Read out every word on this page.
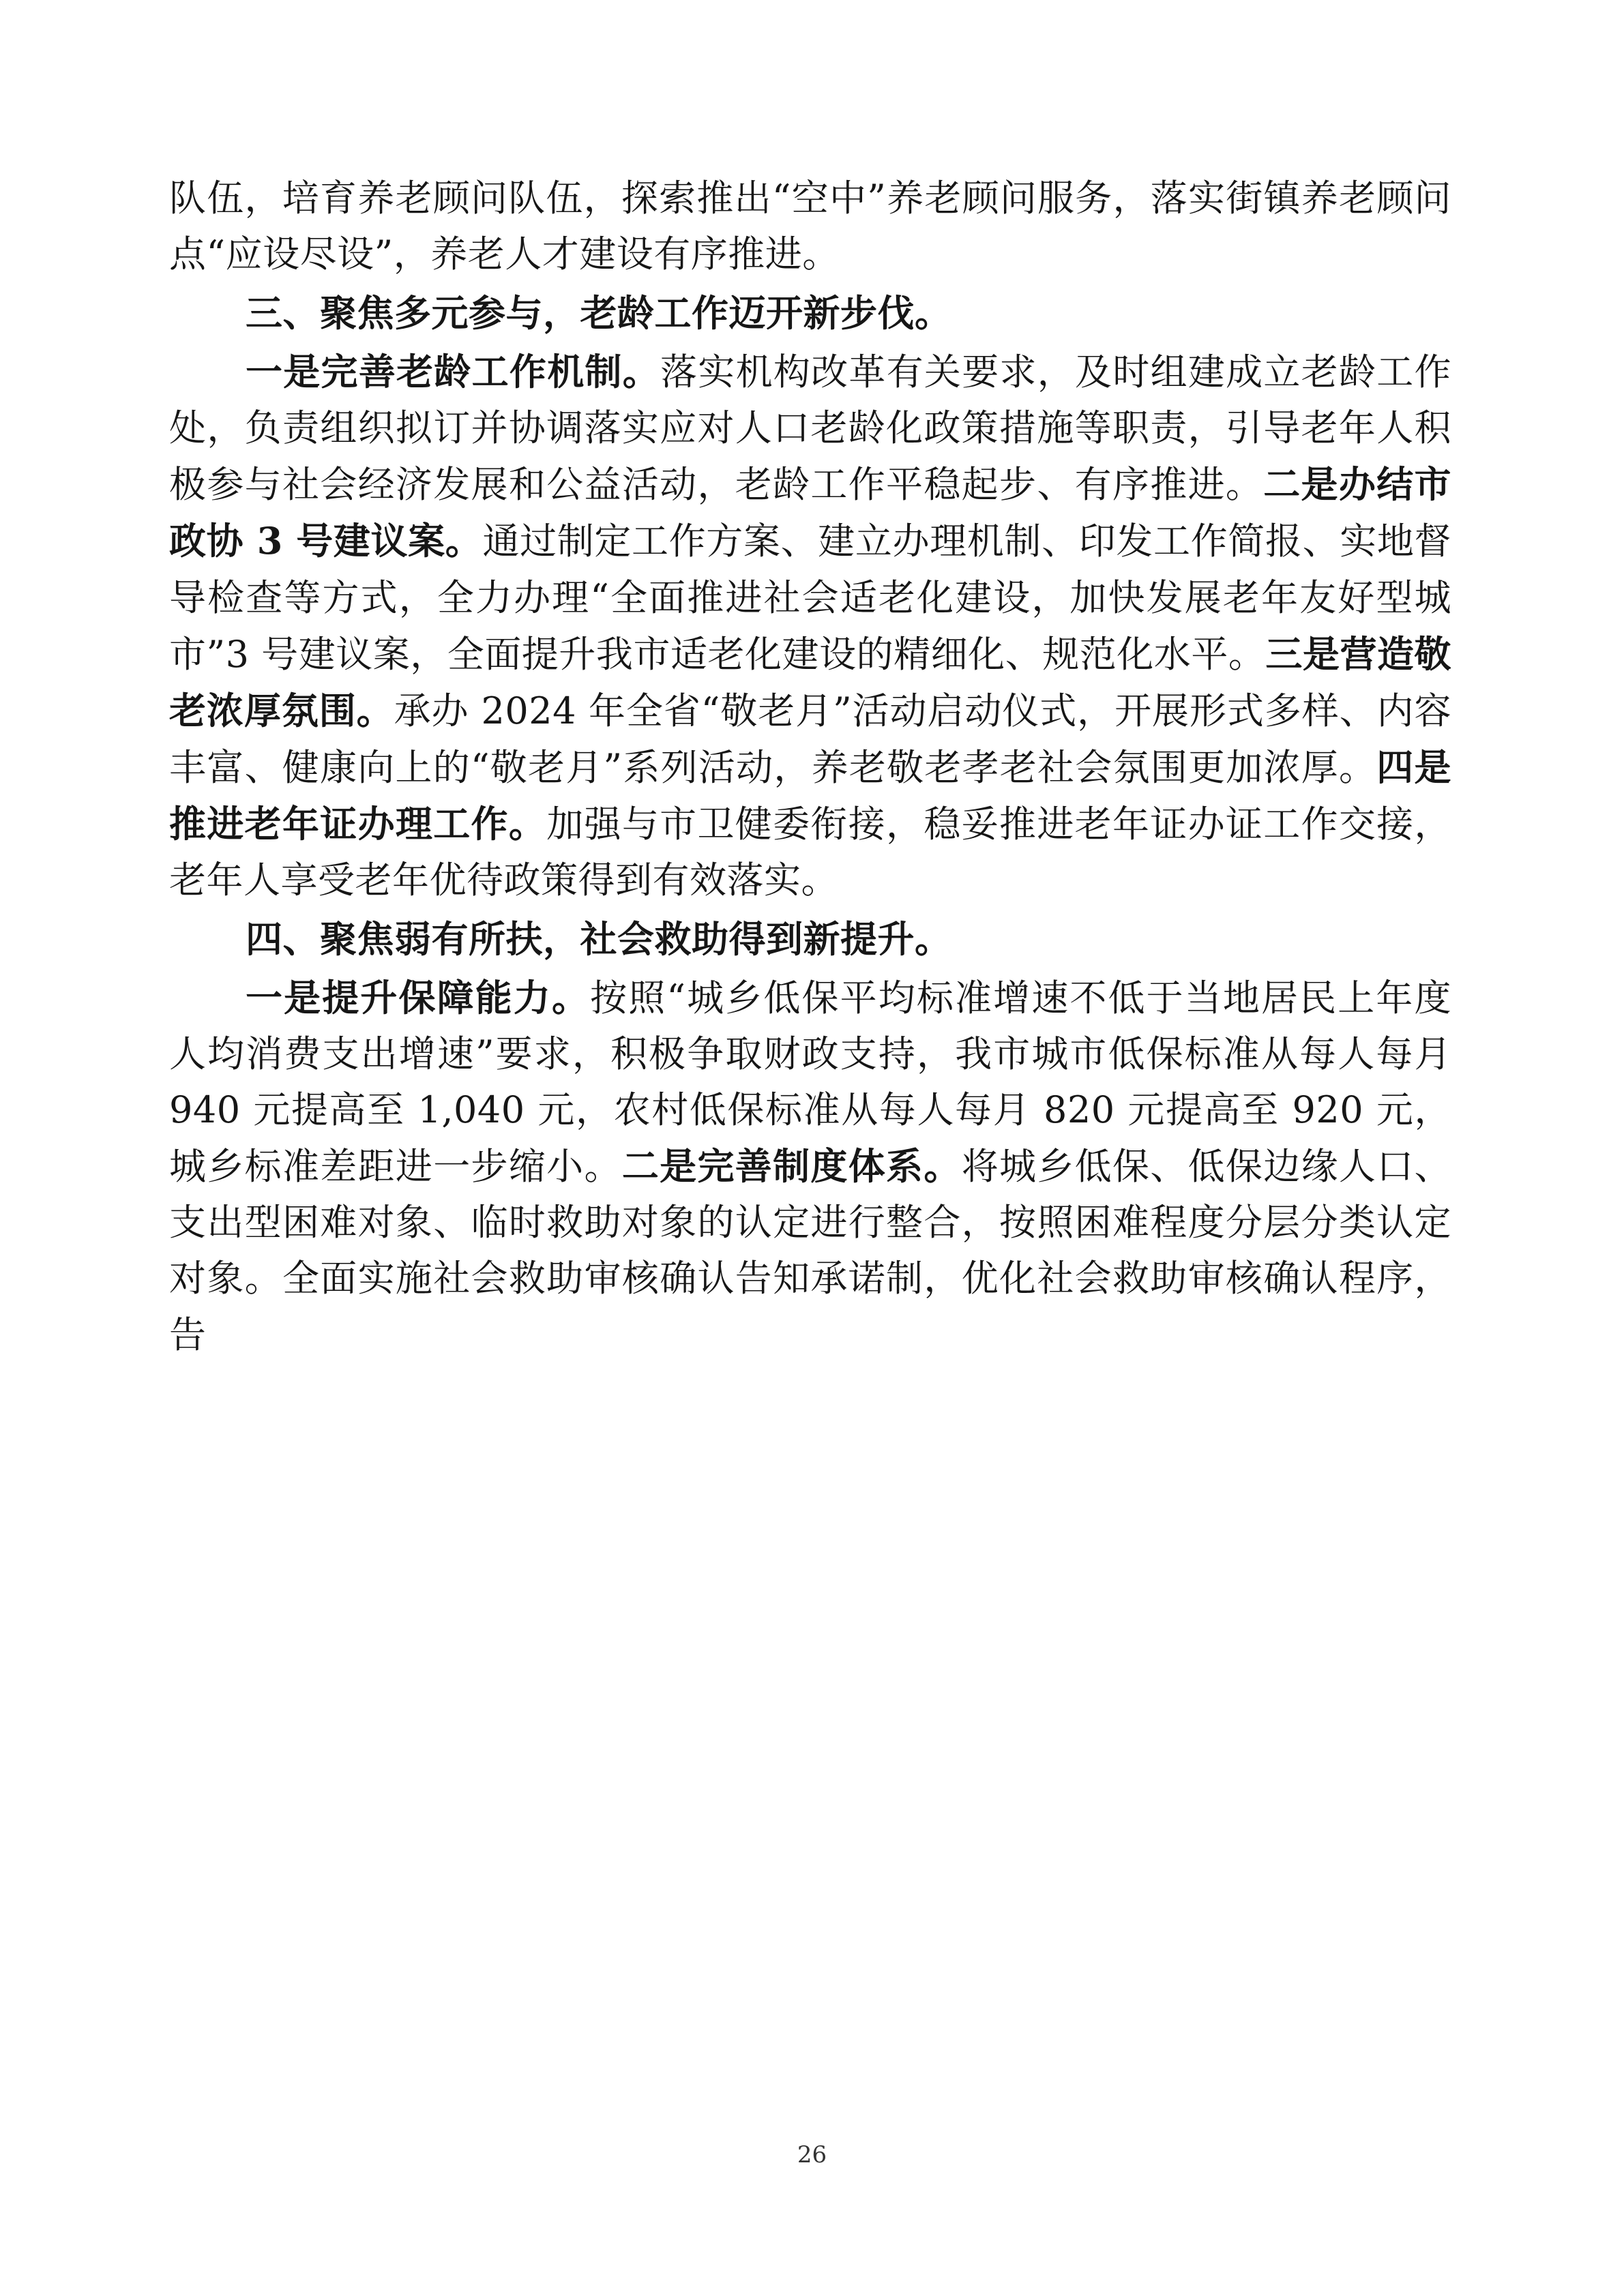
队伍，培育养老顾问队伍，探索推出“空中”养老顾问服务，落实街镇养老顾问点“应设尽设”，养老人才建设有序推进。

三、聚焦多元参与，老龄工作迈开新步伐。

一是完善老龄工作机制。落实机构改革有关要求，及时组建成立老龄工作处，负责组织拟订并协调落实应对人口老龄化政策措施等职责，引导老年人积极参与社会经济发展和公益活动，老龄工作平稳起步、有序推进。二是办结市政协 3 号建议案。通过制定工作方案、建立办理机制、印发工作简报、实地督导检查等方式，全力办理“全面推进社会适老化建设，加快发展老年友好型城市”3 号建议案，全面提升我市适老化建设的精细化、规范化水平。三是营造敬老浓厚氛围。承办 2024 年全省“敬老月”活动启动仪式，开展形式多样、内容丰富、健康向上的“敬老月”系列活动，养老敬老孝老社会氛围更加浓厚。四是推进老年证办理工作。加强与市卫健委衔接，稳妥推进老年证办证工作交接，老年人享受老年优待政策得到有效落实。

四、聚焦弱有所扶，社会救助得到新提升。

一是提升保障能力。按照“城乡低保平均标准增速不低于当地居民上年度人均消费支出增速”要求，积极争取财政支持，我市城市低保标准从每人每月 940 元提高至 1,040 元，农村低保标准从每人每月 820 元提高至 920 元，城乡标准差距进一步缩小。二是完善制度体系。将城乡低保、低保边缘人口、支出型困难对象、临时救助对象的认定进行整合，按照困难程度分层分类认定对象。全面实施社会救助审核确认告知承诺制，优化社会救助审核确认程序，告

26
